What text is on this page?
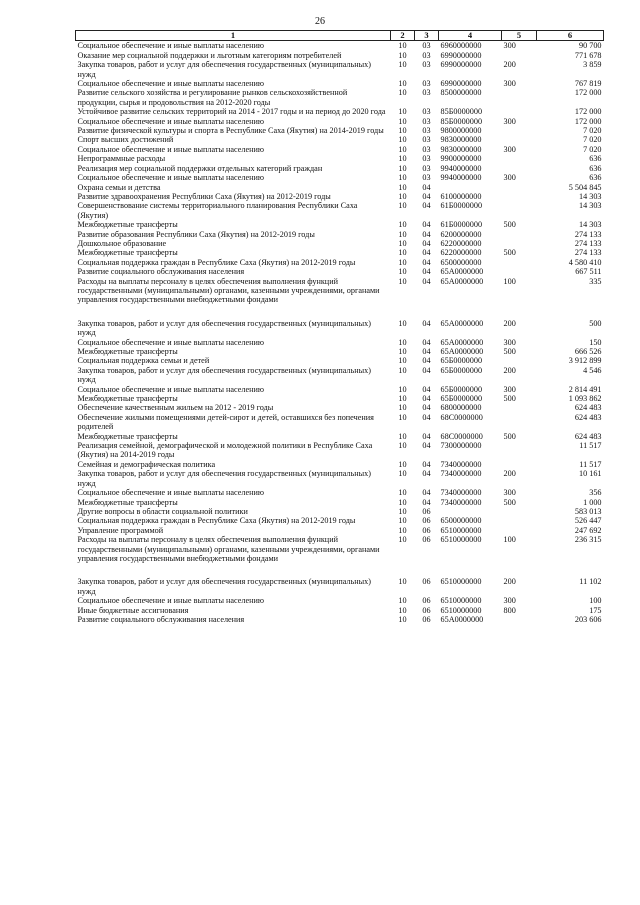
26
1	2	3	4	5	6
Социальное обеспечение и иные выплаты населению	10	03	6960000000	300	90 700
Оказание мер социальной поддержки и льготным категориям потребителей	10	03	6990000000		771 678
Закупка товаров, работ и услуг для обеспечения государственных (муниципальных) нужд	10	03	6990000000	200	3 859
Социальное обеспечение и иные выплаты населению	10	03	6990000000	300	767 819
Развитие сельского хозяйства и регулирование рынков сельскохозяйственной продукции, сырья и продовольствия на 2012-2020 годы	10	03	8500000000		172 000
Устойчивое развитие сельских территорий на 2014 - 2017 годы и на период до 2020 года	10	03	85Б0000000		172 000
Социальное обеспечение и иные выплаты населению	10	03	85Б0000000	300	172 000
Развитие физической культуры и спорта в Республике Саха (Якутия) на 2014-2019 годы	10	03	9800000000		7 020
Спорт высших достижений	10	03	9830000000		7 020
Социальное обеспечение и иные выплаты населению	10	03	9830000000	300	7 020
Непрограммные расходы	10	03	9900000000		636
Реализация мер социальной поддержки отдельных категорий граждан	10	03	9940000000		636
Социальное обеспечение и иные выплаты населению	10	03	9940000000	300	636
Охрана семьи и детства	10	04			5 504 845
Развитие здравоохранения Республики Саха (Якутия) на 2012-2019 годы	10	04	6100000000		14 303
Совершенствование системы территориального планирования Республики Саха (Якутия)	10	04	61Б0000000		14 303
Межбюджетные трансферты	10	04	61Б0000000	500	14 303
Развитие образования Республики Саха (Якутия) на 2012-2019 годы	10	04	6200000000		274 133
Дошкольное образование	10	04	6220000000		274 133
Межбюджетные трансферты	10	04	6220000000	500	274 133
Социальная поддержка граждан в Республике Саха (Якутия) на 2012-2019 годы	10	04	6500000000		4 580 410
Развитие социального обслуживания населения	10	04	65А0000000		667 511
Расходы на выплаты персоналу в целях обеспечения выполнения функций государственными (муниципальными) органами, казенными учреждениями, органами управления государственными внебюджетными фондами	10	04	65А0000000	100	335

Закупка товаров, работ и услуг для обеспечения государственных (муниципальных) нужд	10	04	65А0000000	200	500
Социальное обеспечение и иные выплаты населению	10	04	65А0000000	300	150
Межбюджетные трансферты	10	04	65А0000000	500	666 526
Социальная поддержка семьи и детей	10	04	65Б0000000		3 912 899
Закупка товаров, работ и услуг для обеспечения государственных (муниципальных) нужд	10	04	65Б0000000	200	4 546
Социальное обеспечение и иные выплаты населению	10	04	65Б0000000	300	2 814 491
Межбюджетные трансферты	10	04	65Б0000000	500	1 093 862
Обеспечение качественным жильем на 2012 - 2019 годы	10	04	6800000000		624 483
Обеспечение жилыми помещениями детей-сирот и детей, оставшихся без попечения родителей	10	04	68С0000000		624 483
Межбюджетные трансферты	10	04	68С0000000	500	624 483
Реализация семейной, демографической и молодежной политики в Республике Саха (Якутия) на 2014-2019 годы	10	04	7300000000		11 517
Семейная и демографическая политика	10	04	7340000000		11 517
Закупка товаров, работ и услуг для обеспечения государственных (муниципальных) нужд	10	04	7340000000	200	10 161
Социальное обеспечение и иные выплаты населению	10	04	7340000000	300	356
Межбюджетные трансферты	10	04	7340000000	500	1 000
Другие вопросы в области социальной политики	10	06			583 013
Социальная поддержка граждан в Республике Саха (Якутия) на 2012-2019 годы	10	06	6500000000		526 447
Управление программой	10	06	6510000000		247 692
Расходы на выплаты персоналу в целях обеспечения выполнения функций государственными (муниципальными) органами, казенными учреждениями, органами управления государственными внебюджетными фондами	10	06	6510000000	100	236 315

Закупка товаров, работ и услуг для обеспечения государственных (муниципальных) нужд	10	06	6510000000	200	11 102
Социальное обеспечение и иные выплаты населению	10	06	6510000000	300	100
Иные бюджетные ассигнования	10	06	6510000000	800	175
Развитие социального обслуживания населения	10	06	65А0000000		203 606
